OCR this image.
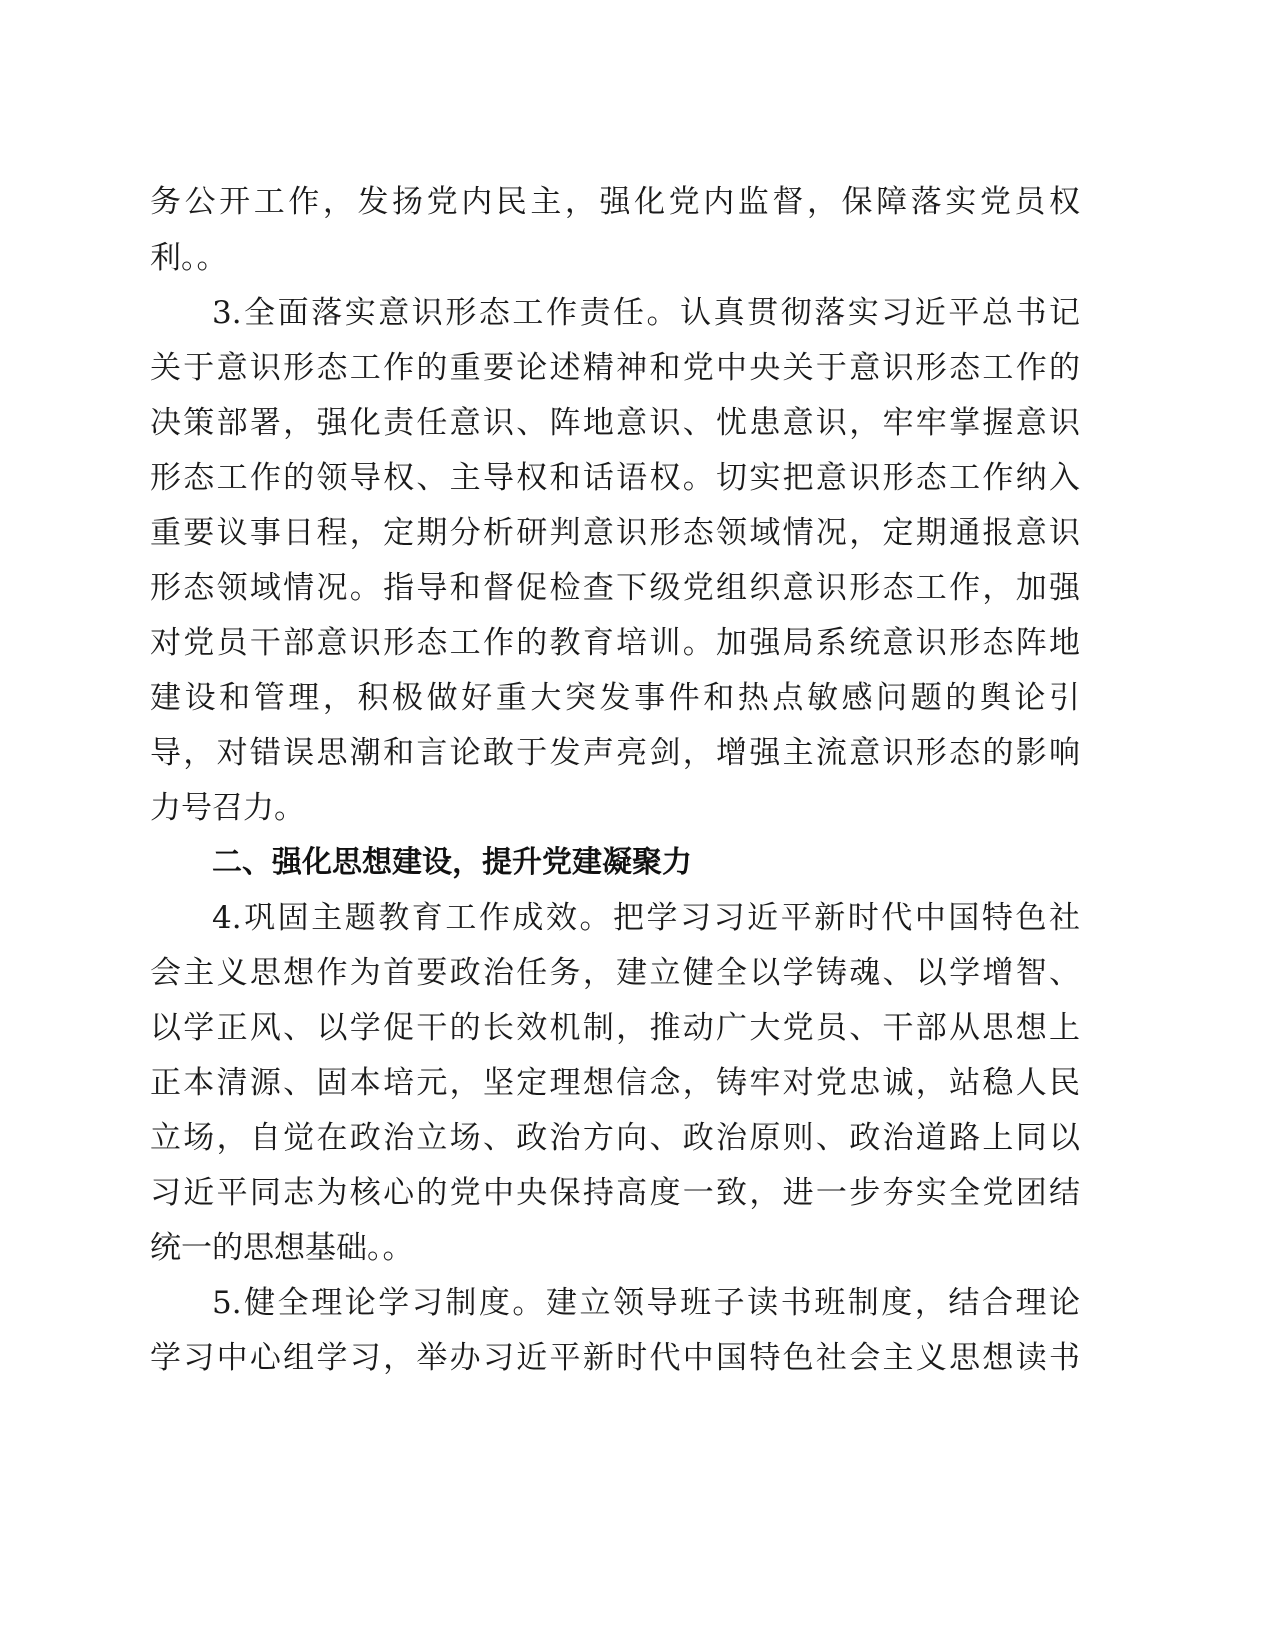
务公开工作，发扬党内民主，强化党内监督，保障落实党员权
利。。
3.全面落实意识形态工作责任。认真贯彻落实习近平总书记
关于意识形态工作的重要论述精神和党中央关于意识形态工作的
决策部署，强化责任意识、阵地意识、忧患意识，牢牢掌握意识
形态工作的领导权、主导权和话语权。切实把意识形态工作纳入
重要议事日程，定期分析研判意识形态领域情况，定期通报意识
形态领域情况。指导和督促检查下级党组织意识形态工作，加强
对党员干部意识形态工作的教育培训。加强局系统意识形态阵地
建设和管理，积极做好重大突发事件和热点敏感问题的舆论引
导，对错误思潮和言论敢于发声亮剑，增强主流意识形态的影响
力号召力。
二、强化思想建设，提升党建凝聚力
4.巩固主题教育工作成效。把学习习近平新时代中国特色社
会主义思想作为首要政治任务，建立健全以学铸魂、以学增智、
以学正风、以学促干的长效机制，推动广大党员、干部从思想上
正本清源、固本培元，坚定理想信念，铸牢对党忠诚，站稳人民
立场，自觉在政治立场、政治方向、政治原则、政治道路上同以
习近平同志为核心的党中央保持高度一致，进一步夯实全党团结
统一的思想基础。。
5.健全理论学习制度。建立领导班子读书班制度，结合理论
学习中心组学习，举办习近平新时代中国特色社会主义思想读书
